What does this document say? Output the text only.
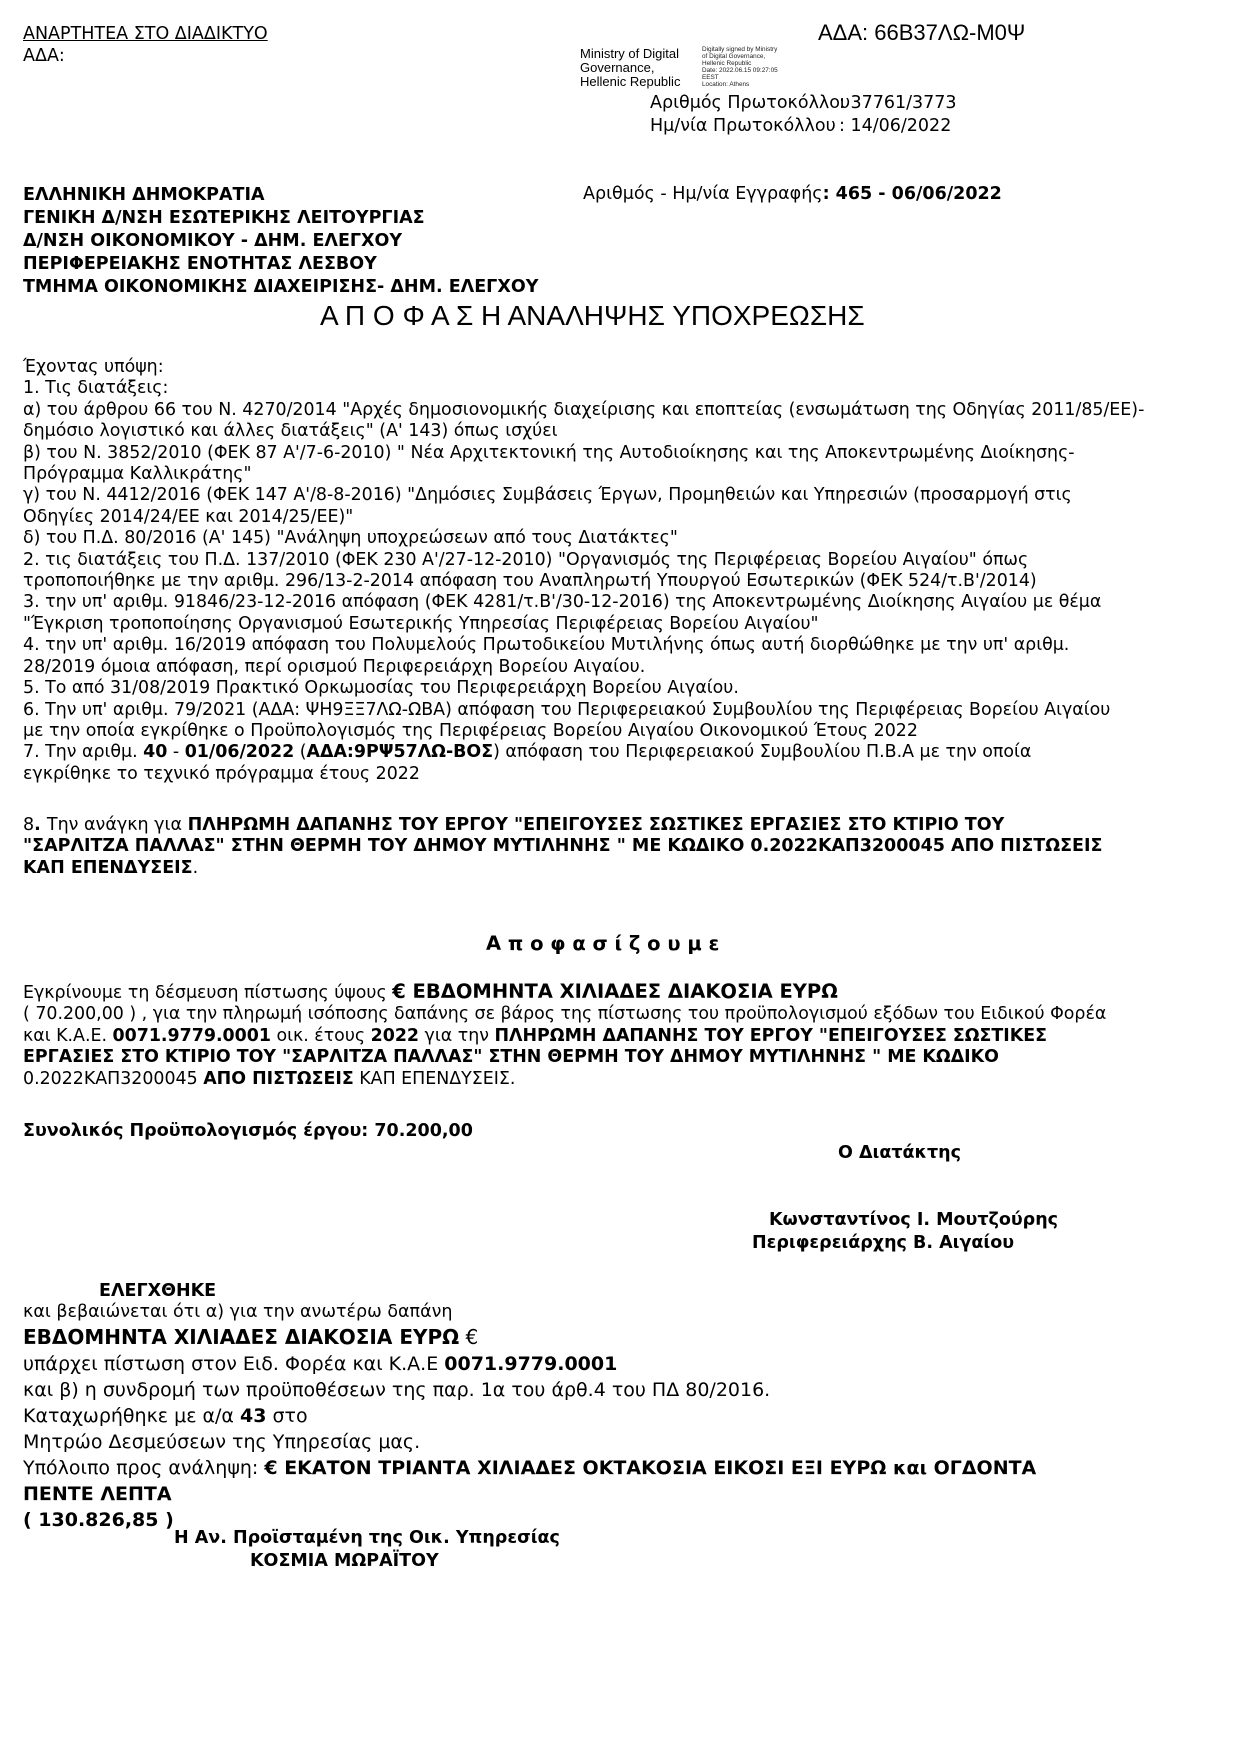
ΑΝΑΡΤΗΤΕΑ ΣΤΟ ΔΙΑΔΙΚΤΥΟ
ΑΔΑ:
ΑΔΑ: 66Β37ΛΩ-Μ0Ψ
Ministry of Digital
Governance,
Hellenic Republic
Digitally signed by Ministry
of Digital Governance,
Hellenic Republic
Date: 2022.06.15 09:27:05
EEST
Location: Athens
Αριθμός Πρωτοκόλλου
: 37761/3773
Ημ/νία Πρωτοκόλλου : 14/06/2022
ΕΛΛΗΝΙΚΗ ΔΗΜΟΚΡΑΤΙΑ
ΓΕΝΙΚΗ Δ/ΝΣΗ ΕΣΩΤΕΡΙΚΗΣ ΛΕΙΤΟΥΡΓΙΑΣ
Δ/ΝΣΗ ΟΙΚΟΝΟΜΙΚΟΥ - ΔΗΜ. ΕΛΕΓΧΟΥ
ΠΕΡΙΦΕΡΕΙΑΚΗΣ ΕΝΟΤΗΤΑΣ ΛΕΣΒΟΥ
ΤΜΗΜΑ ΟΙΚΟΝΟΜΙΚΗΣ ΔΙΑΧΕΙΡΙΣΗΣ- ΔΗΜ. ΕΛΕΓΧΟΥ
Αριθμός - Ημ/νία Εγγραφής: 465 - 06/06/2022
Α Π Ο Φ Α Σ Η ΑΝΑΛΗΨΗΣ ΥΠΟΧΡΕΩΣΗΣ
Έχοντας υπόψη:
1. Τις διατάξεις:
α) του άρθρου 66 του Ν. 4270/2014 "Αρχές δημοσιονομικής διαχείρισης και εποπτείας (ενσωμάτωση της Οδηγίας 2011/85/ΕΕ)-
δημόσιο λογιστικό και άλλες διατάξεις" (Α' 143) όπως ισχύει
β) του Ν. 3852/2010 (ΦΕΚ 87 Α'/7-6-2010) " Νέα Αρχιτεκτονική της Αυτοδιοίκησης και της Αποκεντρωμένης Διοίκησης-
Πρόγραμμα Καλλικράτης"
γ) του Ν. 4412/2016 (ΦΕΚ 147 Α'/8-8-2016) "Δημόσιες Συμβάσεις Έργων, Προμηθειών και Υπηρεσιών (προσαρμογή στις
Οδηγίες 2014/24/ΕΕ και 2014/25/ΕΕ)"
δ) του Π.Δ. 80/2016 (Α' 145) "Ανάληψη υποχρεώσεων από τους Διατάκτες"
2. τις διατάξεις του Π.Δ. 137/2010 (ΦΕΚ 230 Α'/27-12-2010) "Οργανισμός της Περιφέρειας Βορείου Αιγαίου" όπως
τροποποιήθηκε με την αριθμ. 296/13-2-2014 απόφαση του Αναπληρωτή Υπουργού Εσωτερικών (ΦΕΚ 524/τ.Β'/2014)
3. την υπ' αριθμ. 91846/23-12-2016 απόφαση (ΦΕΚ 4281/τ.Β'/30-12-2016) της Αποκεντρωμένης Διοίκησης Αιγαίου με θέμα
"Έγκριση τροποποίησης Οργανισμού Εσωτερικής Υπηρεσίας Περιφέρειας Βορείου Αιγαίου"
4. την υπ' αριθμ. 16/2019 απόφαση του Πολυμελούς Πρωτοδικείου Μυτιλήνης όπως αυτή διορθώθηκε με την υπ' αριθμ.
28/2019 όμοια απόφαση, περί ορισμού Περιφερειάρχη Βορείου Αιγαίου.
5. Το από 31/08/2019 Πρακτικό Ορκωμοσίας του Περιφερειάρχη Βορείου Αιγαίου.
6. Την υπ' αριθμ. 79/2021 (ΑΔΑ: ΨΗ9ΞΞ7ΛΩ-ΩΒΑ) απόφαση του Περιφερειακού Συμβουλίου της Περιφέρειας Βορείου Αιγαίου
με την οποία εγκρίθηκε ο Προϋπολογισμός της Περιφέρειας Βορείου Αιγαίου Οικονομικού Έτους 2022
7. Την αριθμ. 40 - 01/06/2022 (ΑΔΑ:9ΡΨ57ΛΩ-ΒΟΣ) απόφαση του Περιφερειακού Συμβουλίου Π.Β.Α με την οποία
εγκρίθηκε το τεχνικό πρόγραμμα έτους 2022
8. Την ανάγκη για ΠΛΗΡΩΜΗ ΔΑΠΑΝΗΣ ΤΟΥ ΕΡΓΟΥ "ΕΠΕΙΓΟΥΣΕΣ ΣΩΣΤΙΚΕΣ ΕΡΓΑΣΙΕΣ ΣΤΟ ΚΤΙΡΙΟ ΤΟΥ
"ΣΑΡΛΙΤΖΑ ΠΑΛΛΑΣ" ΣΤΗΝ ΘΕΡΜΗ ΤΟΥ ΔΗΜΟΥ ΜΥΤΙΛΗΝΗΣ " ΜΕ ΚΩΔΙΚΟ 0.2022ΚΑΠ3200045 ΑΠΟ ΠΙΣΤΩΣΕΙΣ
ΚΑΠ ΕΠΕΝΔΥΣΕΙΣ.
Α π ο φ α σ ί ζ ο υ μ ε
Εγκρίνουμε τη δέσμευση πίστωσης ύψους € ΕΒΔΟΜΗΝΤΑ ΧΙΛΙΑΔΕΣ ΔΙΑΚΟΣΙΑ ΕΥΡΩ
( 70.200,00 ) , για την πληρωμή ισόποσης δαπάνης σε βάρος της πίστωσης του προϋπολογισμού εξόδων του Ειδικού Φορέα
και Κ.Α.Ε. 0071.9779.0001 οικ. έτους 2022 για την ΠΛΗΡΩΜΗ ΔΑΠΑΝΗΣ ΤΟΥ ΕΡΓΟΥ "ΕΠΕΙΓΟΥΣΕΣ ΣΩΣΤΙΚΕΣ
ΕΡΓΑΣΙΕΣ ΣΤΟ ΚΤΙΡΙΟ ΤΟΥ "ΣΑΡΛΙΤΖΑ ΠΑΛΛΑΣ" ΣΤΗΝ ΘΕΡΜΗ ΤΟΥ ΔΗΜΟΥ ΜΥΤΙΛΗΝΗΣ " ΜΕ ΚΩΔΙΚΟ
0.2022ΚΑΠ3200045 ΑΠΟ ΠΙΣΤΩΣΕΙΣ ΚΑΠ ΕΠΕΝΔΥΣΕΙΣ.
Συνολικός Προϋπολογισμός έργου: 70.200,00
Ο Διατάκτης
Κωνσταντίνος Ι. Μουτζούρης
Περιφερειάρχης Β. Αιγαίου
ΕΛΕΓΧΘΗΚΕ
και βεβαιώνεται ότι α) για την ανωτέρω δαπάνη
ΕΒΔΟΜΗΝΤΑ ΧΙΛΙΑΔΕΣ ΔΙΑΚΟΣΙΑ ΕΥΡΩ €
υπάρχει πίστωση στον Ειδ. Φορέα και Κ.Α.Ε 0071.9779.0001
και β) η συνδρομή των προϋποθέσεων της παρ. 1α του άρθ.4 του ΠΔ 80/2016.
Καταχωρήθηκε με α/α 43 στο
Μητρώο Δεσμεύσεων της Υπηρεσίας μας.
Υπόλοιπο προς ανάληψη: € ΕΚΑΤΟΝ ΤΡΙΑΝΤΑ ΧΙΛΙΑΔΕΣ ΟΚΤΑΚΟΣΙΑ ΕΙΚΟΣΙ ΕΞΙ ΕΥΡΩ και ΟΓΔΟΝΤΑ
ΠΕΝΤΕ ΛΕΠΤΑ
( 130.826,85 )
Η Αν. Προϊσταμένη της Οικ. Υπηρεσίας
ΚΟΣΜΙΑ ΜΩΡΑΪΤΟΥ
